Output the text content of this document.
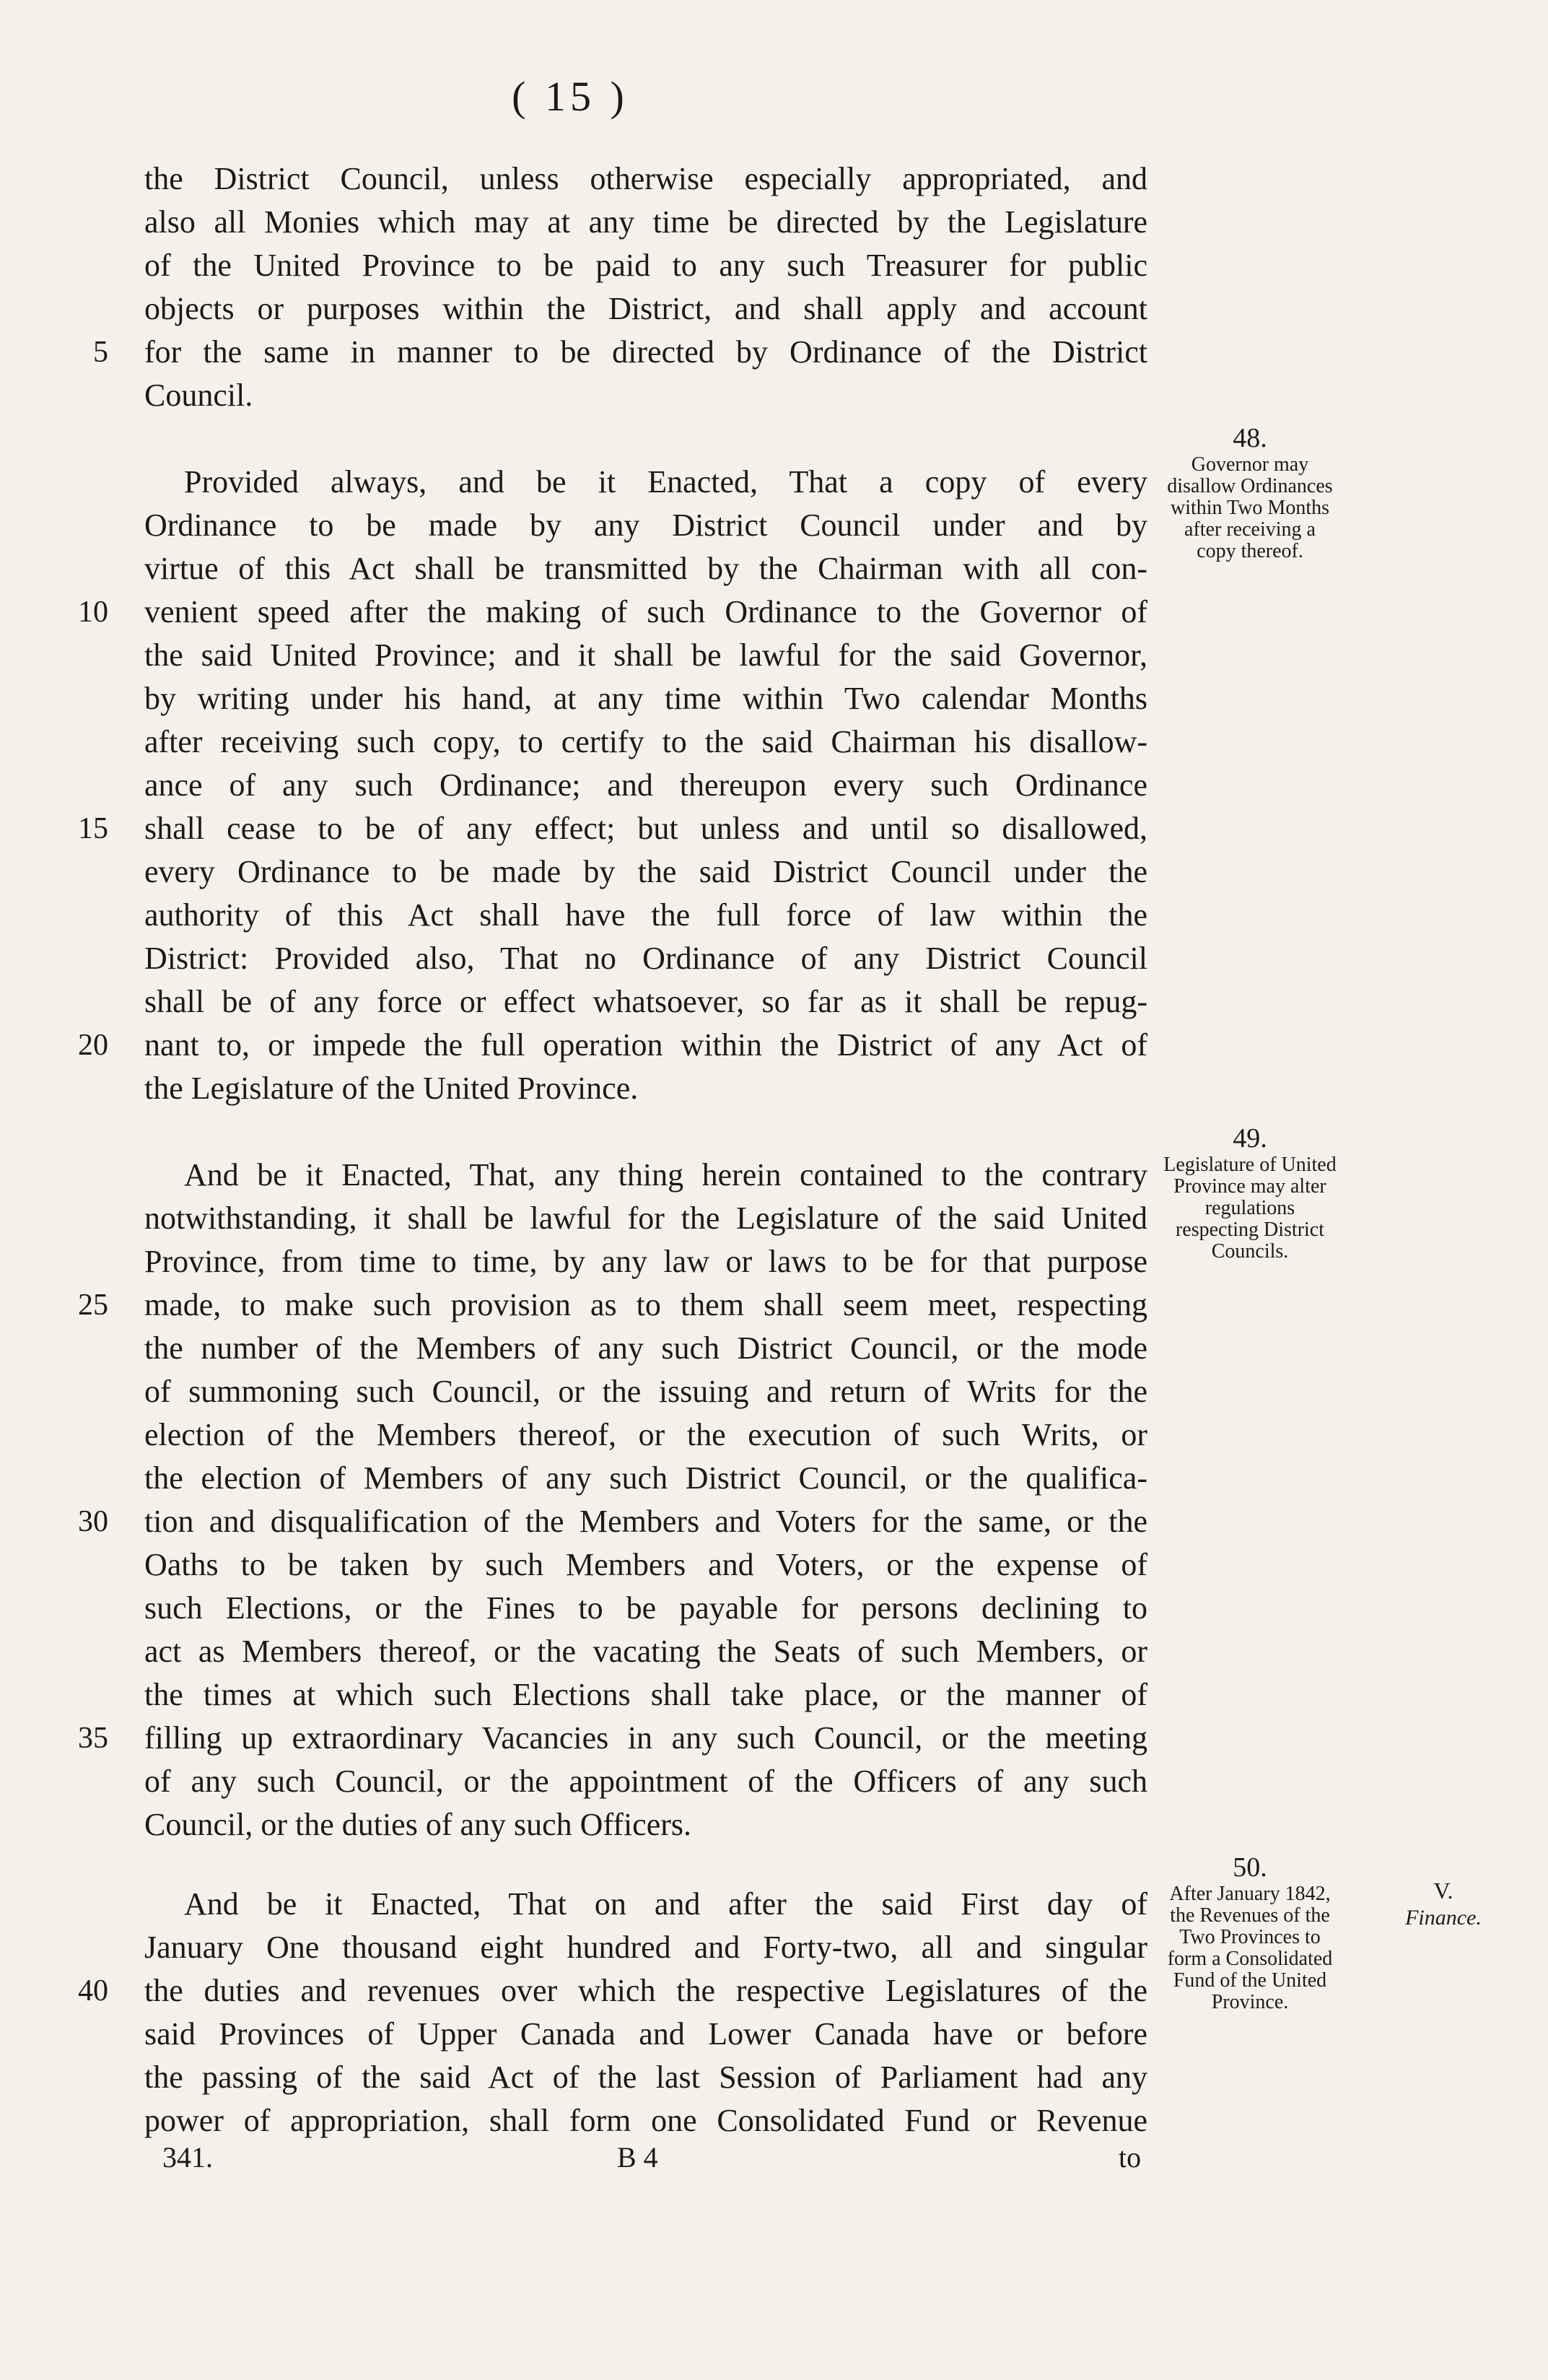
( 15 )
the District Council, unless otherwise especially appropriated, and
also all Monies which may at any time be directed by the Legislature
of the United Province to be paid to any such Treasurer for public
objects or purposes within the District, and shall apply and account
for the same in manner to be directed by Ordinance of the District
Council.
Provided always, and be it Enacted, That a copy of every
Ordinance to be made by any District Council under and by
virtue of this Act shall be transmitted by the Chairman with all con-
venient speed after the making of such Ordinance to the Governor of
the said United Province; and it shall be lawful for the said Governor,
by writing under his hand, at any time within Two calendar Months
after receiving such copy, to certify to the said Chairman his disallow-
ance of any such Ordinance; and thereupon every such Ordinance
shall cease to be of any effect; but unless and until so disallowed,
every Ordinance to be made by the said District Council under the
authority of this Act shall have the full force of law within the
District: Provided also, That no Ordinance of any District Council
shall be of any force or effect whatsoever, so far as it shall be repug-
nant to, or impede the full operation within the District of any Act of
the Legislature of the United Province.
And be it Enacted, That, any thing herein contained to the contrary
notwithstanding, it shall be lawful for the Legislature of the said United
Province, from time to time, by any law or laws to be for that purpose
made, to make such provision as to them shall seem meet, respecting
the number of the Members of any such District Council, or the mode
of summoning such Council, or the issuing and return of Writs for the
election of the Members thereof, or the execution of such Writs, or
the election of Members of any such District Council, or the qualifica-
tion and disqualification of the Members and Voters for the same, or the
Oaths to be taken by such Members and Voters, or the expense of
such Elections, or the Fines to be payable for persons declining to
act as Members thereof, or the vacating the Seats of such Members, or
the times at which such Elections shall take place, or the manner of
filling up extraordinary Vacancies in any such Council, or the meeting
of any such Council, or the appointment of the Officers of any such
Council, or the duties of any such Officers.
And be it Enacted, That on and after the said First day of
January One thousand eight hundred and Forty-two, all and singular
the duties and revenues over which the respective Legislatures of the
said Provinces of Upper Canada and Lower Canada have or before
the passing of the said Act of the last Session of Parliament had any
power of appropriation, shall form one Consolidated Fund or Revenue
5
10
15
20
25
30
35
40
48.
Governor may disallow Ordinances within Two Months after receiving a copy thereof.
49.
Legislature of United Province may alter regulations respecting District Councils.
50.
After January 1842, the Revenues of the Two Provinces to form a Consolidated Fund of the United Province.
V.
Finance.
341.	B 4	to
